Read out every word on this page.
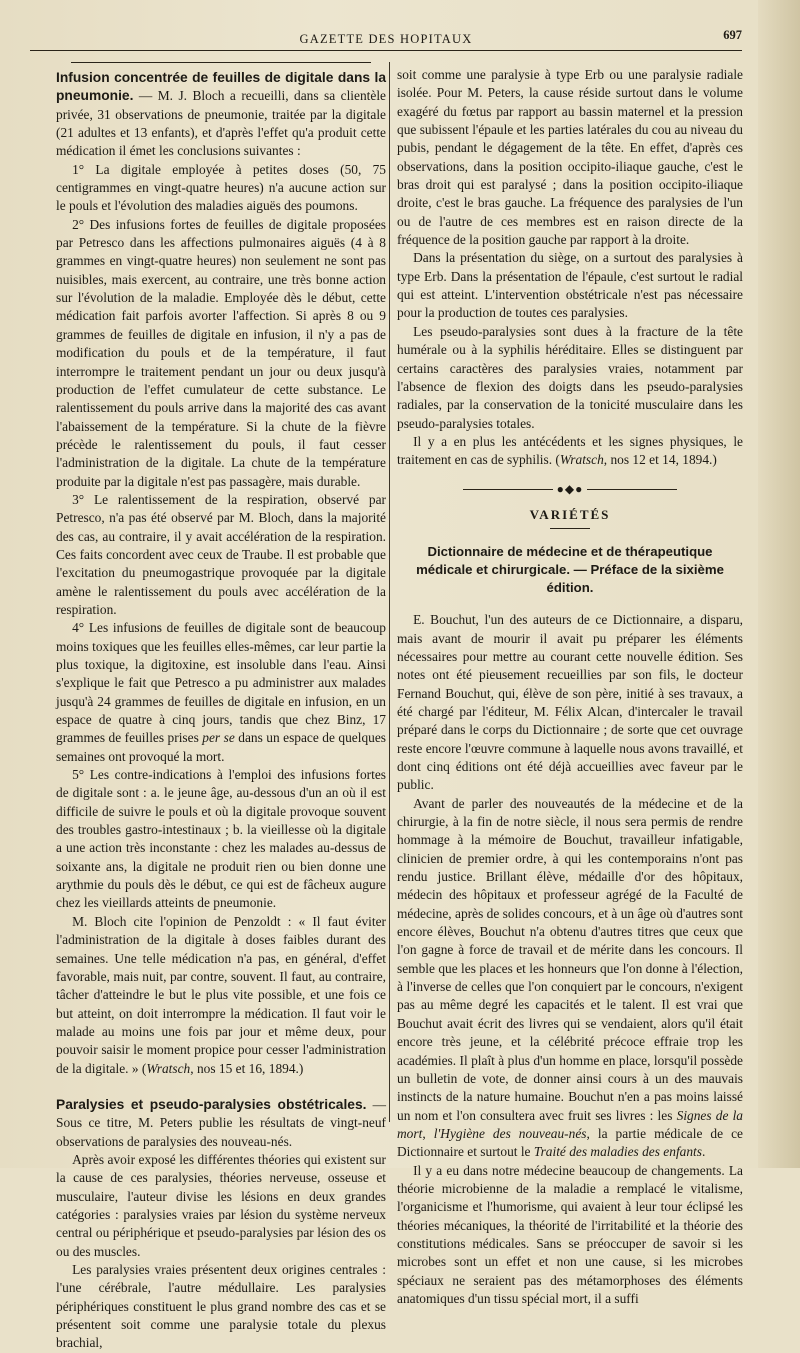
GAZETTE DES HOPITAUX	697

Infusion concentrée de feuilles de digitale dans la pneumonie. — M. J. Bloch a recueilli, dans sa clientèle privée, 31 observations de pneumonie, traitée par la digitale (21 adultes et 13 enfants), et d'après l'effet qu'a produit cette médication il émet les conclusions suivantes :

1° La digitale employée à petites doses (50, 75 centigrammes en vingt-quatre heures) n'a aucune action sur le pouls et l'évolution des maladies aiguës des poumons.

2° Des infusions fortes de feuilles de digitale proposées par Petresco dans les affections pulmonaires aiguës (4 à 8 grammes en vingt-quatre heures) non seulement ne sont pas nuisibles, mais exercent, au contraire, une très bonne action sur l'évolution de la maladie. Employée dès le début, cette médication fait parfois avorter l'affection. Si après 8 ou 9 grammes de feuilles de digitale en infusion, il n'y a pas de modification du pouls et de la température, il faut interrompre le traitement pendant un jour ou deux jusqu'à production de l'effet cumulateur de cette substance. Le ralentissement du pouls arrive dans la majorité des cas avant l'abaissement de la température. Si la chute de la fièvre précède le ralentissement du pouls, il faut cesser l'administration de la digitale. La chute de la température produite par la digitale n'est pas passagère, mais durable.

3° Le ralentissement de la respiration, observé par Petresco, n'a pas été observé par M. Bloch, dans la majorité des cas, au contraire, il y avait accélération de la respiration. Ces faits concordent avec ceux de Traube. Il est probable que l'excitation du pneumogastrique provoquée par la digitale amène le ralentissement du pouls avec accélération de la respiration.

4° Les infusions de feuilles de digitale sont de beaucoup moins toxiques que les feuilles elles-mêmes, car leur partie la plus toxique, la digitoxine, est insoluble dans l'eau. Ainsi s'explique le fait que Petresco a pu administrer aux malades jusqu'à 24 grammes de feuilles de digitale en infusion, en un espace de quatre à cinq jours, tandis que chez Binz, 17 grammes de feuilles prises per se dans un espace de quelques semaines ont provoqué la mort.

5° Les contre-indications à l'emploi des infusions fortes de digitale sont : a. le jeune âge, au-dessous d'un an où il est difficile de suivre le pouls et où la digitale provoque souvent des troubles gastro-intestinaux ; b. la vieillesse où la digitale a une action très inconstante : chez les malades au-dessus de soixante ans, la digitale ne produit rien ou bien donne une arythmie du pouls dès le début, ce qui est de fâcheux augure chez les vieillards atteints de pneumonie.

M. Bloch cite l'opinion de Penzoldt : « Il faut éviter l'administration de la digitale à doses faibles durant des semaines. Une telle médication n'a pas, en général, d'effet favorable, mais nuit, par contre, souvent. Il faut, au contraire, tâcher d'atteindre le but le plus vite possible, et une fois ce but atteint, on doit interrompre la médication. Il faut voir le malade au moins une fois par jour et même deux, pour pouvoir saisir le moment propice pour cesser l'administration de la digitale. » (Wratsch, nos 15 et 16, 1894.)

Paralysies et pseudo-paralysies obstétricales. — Sous ce titre, M. Peters publie les résultats de vingt-neuf observations de paralysies des nouveau-nés.

Après avoir exposé les différentes théories qui existent sur la cause de ces paralysies, théories nerveuse, osseuse et musculaire, l'auteur divise les lésions en deux grandes catégories : paralysies vraies par lésion du système nerveux central ou périphérique et pseudo-paralysies par lésion des os ou des muscles.

Les paralysies vraies présentent deux origines centrales : l'une cérébrale, l'autre médullaire. Les paralysies périphériques constituent le plus grand nombre des cas et se présentent soit comme une paralysie totale du plexus brachial,

soit comme une paralysie à type Erb ou une paralysie radiale isolée. Pour M. Peters, la cause réside surtout dans le volume exagéré du fœtus par rapport au bassin maternel et la pression que subissent l'épaule et les parties latérales du cou au niveau du pubis, pendant le dégagement de la tête. En effet, d'après ces observations, dans la position occipito-iliaque gauche, c'est le bras droit qui est paralysé ; dans la position occipito-iliaque droite, c'est le bras gauche. La fréquence des paralysies de l'un ou de l'autre de ces membres est en raison directe de la fréquence de la position gauche par rapport à la droite.

Dans la présentation du siège, on a surtout des paralysies à type Erb. Dans la présentation de l'épaule, c'est surtout le radial qui est atteint. L'intervention obstétricale n'est pas nécessaire pour la production de toutes ces paralysies.

Les pseudo-paralysies sont dues à la fracture de la tête humérale ou à la syphilis héréditaire. Elles se distinguent par certains caractères des paralysies vraies, notamment par l'absence de flexion des doigts dans les pseudo-paralysies radiales, par la conservation de la tonicité musculaire dans les pseudo-paralysies totales.

Il y a en plus les antécédents et les signes physiques, le traitement en cas de syphilis. (Wratsch, nos 12 et 14, 1894.)

●◆●
VARIÉTÉS
Dictionnaire de médecine et de thérapeutique médicale et chirurgicale. — Préface de la sixième édition.

E. Bouchut, l'un des auteurs de ce Dictionnaire, a disparu, mais avant de mourir il avait pu préparer les éléments nécessaires pour mettre au courant cette nouvelle édition. Ses notes ont été pieusement recueillies par son fils, le docteur Fernand Bouchut, qui, élève de son père, initié à ses travaux, a été chargé par l'éditeur, M. Félix Alcan, d'intercaler le travail préparé dans le corps du Dictionnaire ; de sorte que cet ouvrage reste encore l'œuvre commune à laquelle nous avons travaillé, et dont cinq éditions ont été déjà accueillies avec faveur par le public.

Avant de parler des nouveautés de la médecine et de la chirurgie, à la fin de notre siècle, il nous sera permis de rendre hommage à la mémoire de Bouchut, travailleur infatigable, clinicien de premier ordre, à qui les contemporains n'ont pas rendu justice. Brillant élève, médaille d'or des hôpitaux, médecin des hôpitaux et professeur agrégé de la Faculté de médecine, après de solides concours, et à un âge où d'autres sont encore élèves, Bouchut n'a obtenu d'autres titres que ceux que l'on gagne à force de travail et de mérite dans les concours. Il semble que les places et les honneurs que l'on donne à l'élection, à l'inverse de celles que l'on conquiert par le concours, n'exigent pas au même degré les capacités et le talent. Il est vrai que Bouchut avait écrit des livres qui se vendaient, alors qu'il était encore très jeune, et la célébrité précoce effraie trop les académies. Il plaît à plus d'un homme en place, lorsqu'il possède un bulletin de vote, de donner ainsi cours à un des mauvais instincts de la nature humaine. Bouchut n'en a pas moins laissé un nom et l'on consultera avec fruit ses livres : les Signes de la mort, l'Hygiène des nouveau-nés, la partie médicale de ce Dictionnaire et surtout le Traité des maladies des enfants.

Il y a eu dans notre médecine beaucoup de changements. La théorie microbienne de la maladie a remplacé le vitalisme, l'organicisme et l'humorisme, qui avaient à leur tour éclipsé les théories mécaniques, la théorité de l'irritabilité et la théorie des constitutions médicales. Sans se préoccuper de savoir si les microbes sont un effet et non une cause, si les microbes spéciaux ne seraient pas des métamorphoses des éléments anatomiques d'un tissu spécial mort, il a suffi
